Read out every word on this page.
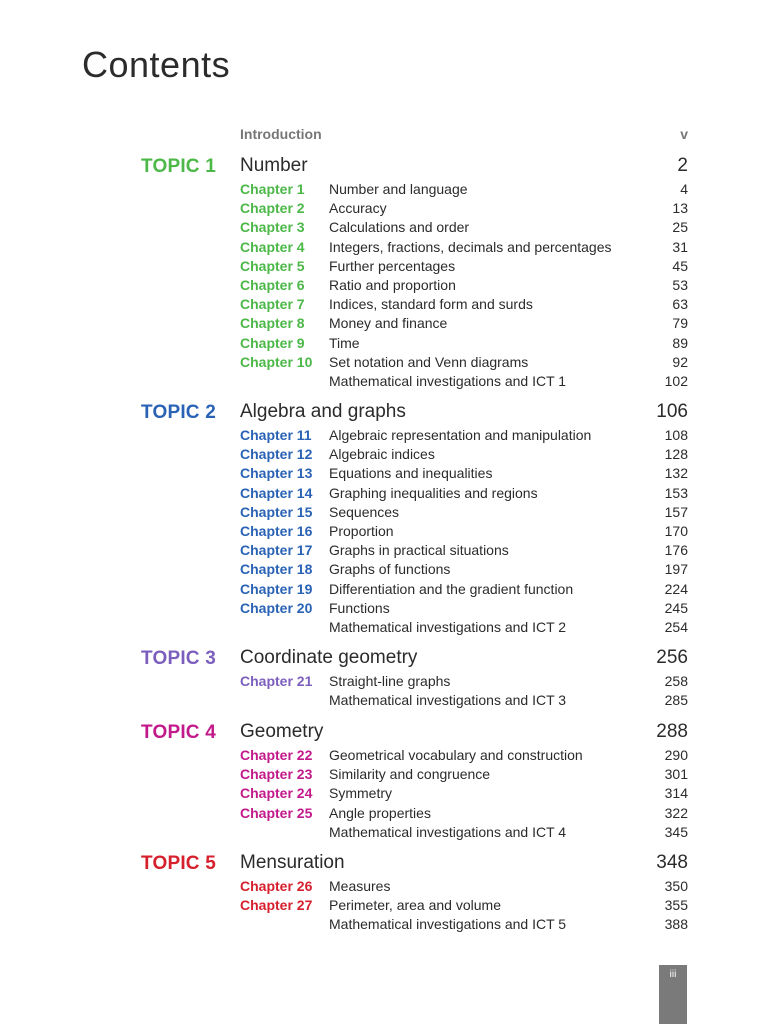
Contents
Introduction	v
TOPIC 1 Number	2
Chapter 1 Number and language	4
Chapter 2 Accuracy	13
Chapter 3 Calculations and order	25
Chapter 4 Integers, fractions, decimals and percentages	31
Chapter 5 Further percentages	45
Chapter 6 Ratio and proportion	53
Chapter 7 Indices, standard form and surds	63
Chapter 8 Money and finance	79
Chapter 9 Time	89
Chapter 10 Set notation and Venn diagrams	92
Mathematical investigations and ICT 1	102
TOPIC 2 Algebra and graphs	106
Chapter 11 Algebraic representation and manipulation	108
Chapter 12 Algebraic indices	128
Chapter 13 Equations and inequalities	132
Chapter 14 Graphing inequalities and regions	153
Chapter 15 Sequences	157
Chapter 16 Proportion	170
Chapter 17 Graphs in practical situations	176
Chapter 18 Graphs of functions	197
Chapter 19 Differentiation and the gradient function	224
Chapter 20 Functions	245
Mathematical investigations and ICT 2	254
TOPIC 3 Coordinate geometry	256
Chapter 21 Straight-line graphs	258
Mathematical investigations and ICT 3	285
TOPIC 4 Geometry	288
Chapter 22 Geometrical vocabulary and construction	290
Chapter 23 Similarity and congruence	301
Chapter 24 Symmetry	314
Chapter 25 Angle properties	322
Mathematical investigations and ICT 4	345
TOPIC 5 Mensuration	348
Chapter 26 Measures	350
Chapter 27 Perimeter, area and volume	355
Mathematical investigations and ICT 5	388
iii
